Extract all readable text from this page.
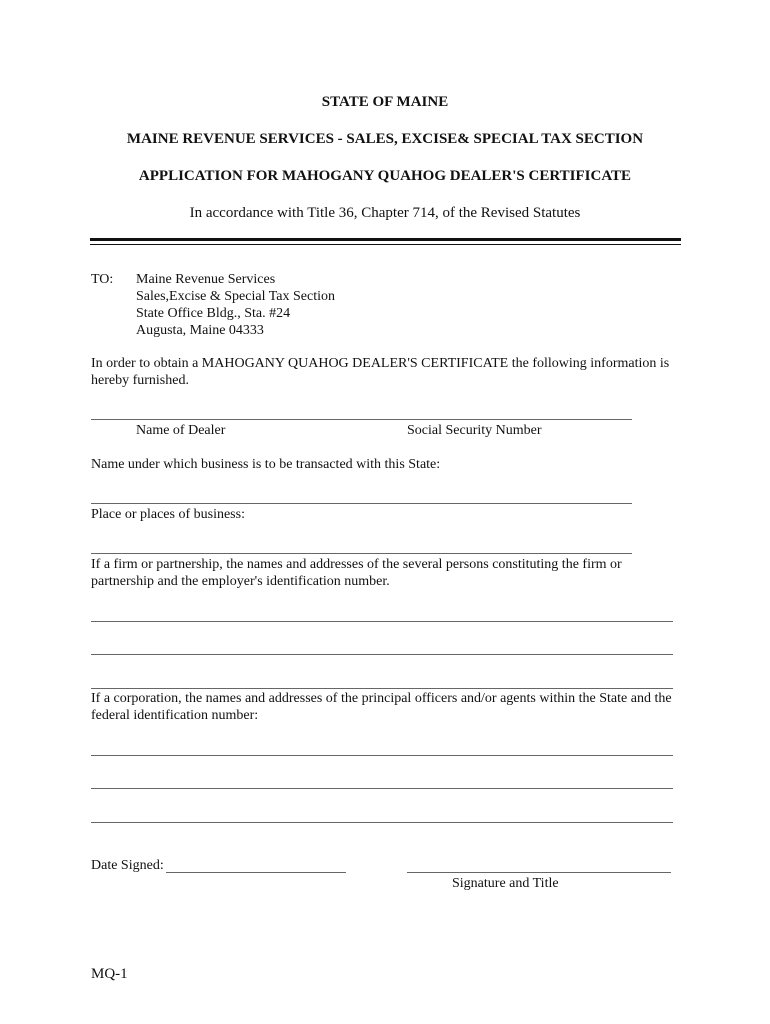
STATE OF MAINE
MAINE REVENUE SERVICES - SALES, EXCISE& SPECIAL TAX SECTION
APPLICATION FOR MAHOGANY QUAHOG DEALER'S CERTIFICATE
In accordance with Title 36, Chapter 714, of the Revised Statutes
TO: Maine Revenue Services
Sales,Excise & Special Tax Section
State Office Bldg., Sta. #24
Augusta, Maine 04333
In order to obtain a MAHOGANY QUAHOG DEALER'S CERTIFICATE the following information is hereby furnished.
Name of Dealer	Social Security Number
Name under which business is to be transacted with this State:
Place or places of business:
If a firm or partnership, the names and addresses of the several persons constituting the firm or partnership and the employer's identification number.
If a corporation, the names and addresses of the principal officers and/or agents within the State and the federal identification number:
Date Signed:
Signature and Title
MQ-1
